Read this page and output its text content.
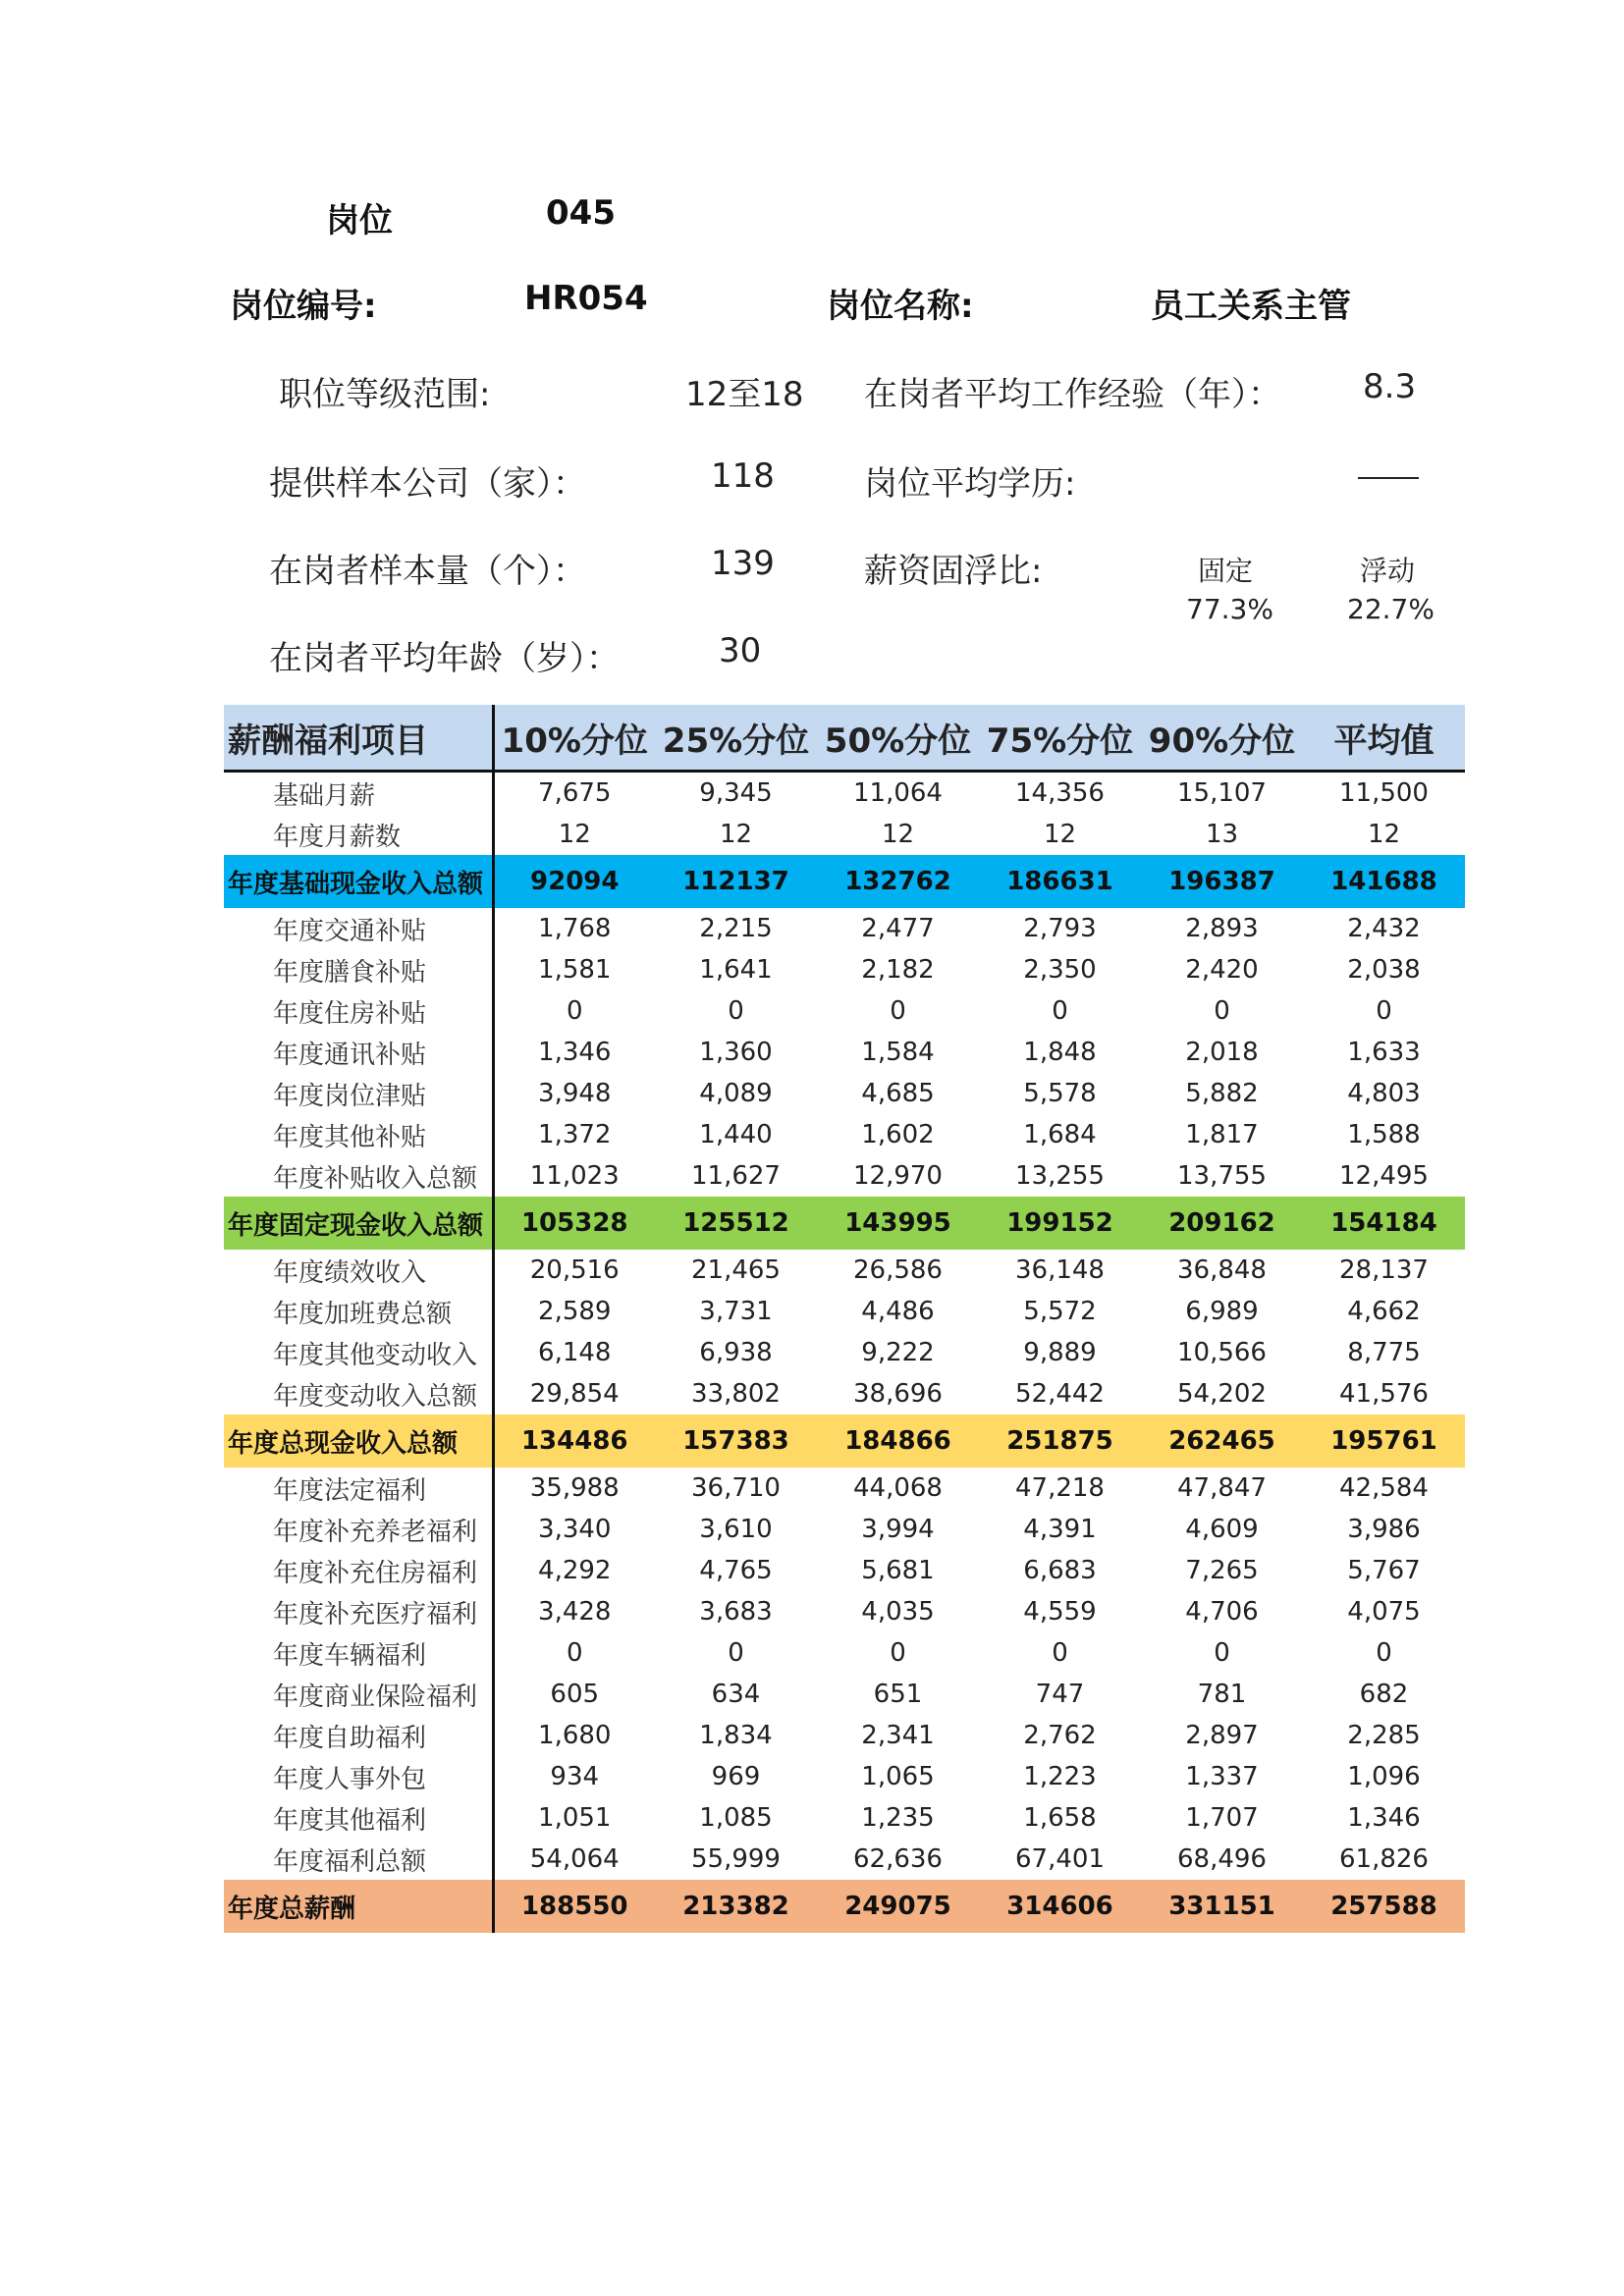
岗位	045
岗位编号:	HR054	岗位名称:	员工关系主管
职位等级范围:	12至18 在岗者平均工作经验（年）： 8.3
提供样本公司（家）：	118	岗位平均学历:
在岗者样本量（个）：	139	薪资固浮比:	固定	浮动
77.3%	22.7%
在岗者平均年龄（岁）：	30
薪酬福利项目	10%分位	25%分位	50%分位	75%分位	90%分位	平均值
基础月薪	7,675	9,345	11,064	14,356	15,107	11,500
年度月薪数	12	12	12	12	13	12
年度基础现金收入总额	92094	112137	132762	186631	196387	141688
年度交通补贴	1,768	2,215	2,477	2,793	2,893	2,432
年度膳食补贴	1,581	1,641	2,182	2,350	2,420	2,038
年度住房补贴	0	0	0	0	0	0
年度通讯补贴	1,346	1,360	1,584	1,848	2,018	1,633
年度岗位津贴	3,948	4,089	4,685	5,578	5,882	4,803
年度其他补贴	1,372	1,440	1,602	1,684	1,817	1,588
年度补贴收入总额	11,023	11,627	12,970	13,255	13,755	12,495
年度固定现金收入总额	105328	125512	143995	199152	209162	154184
年度绩效收入	20,516	21,465	26,586	36,148	36,848	28,137
年度加班费总额	2,589	3,731	4,486	5,572	6,989	4,662
年度其他变动收入	6,148	6,938	9,222	9,889	10,566	8,775
年度变动收入总额	29,854	33,802	38,696	52,442	54,202	41,576
年度总现金收入总额	134486	157383	184866	251875	262465	195761
年度法定福利	35,988	36,710	44,068	47,218	47,847	42,584
年度补充养老福利	3,340	3,610	3,994	4,391	4,609	3,986
年度补充住房福利	4,292	4,765	5,681	6,683	7,265	5,767
年度补充医疗福利	3,428	3,683	4,035	4,559	4,706	4,075
年度车辆福利	0	0	0	0	0	0
年度商业保险福利	605	634	651	747	781	682
年度自助福利	1,680	1,834	2,341	2,762	2,897	2,285
年度人事外包	934	969	1,065	1,223	1,337	1,096
年度其他福利	1,051	1,085	1,235	1,658	1,707	1,346
年度福利总额	54,064	55,999	62,636	67,401	68,496	61,826
年度总薪酬	188550	213382	249075	314606	331151	257588
